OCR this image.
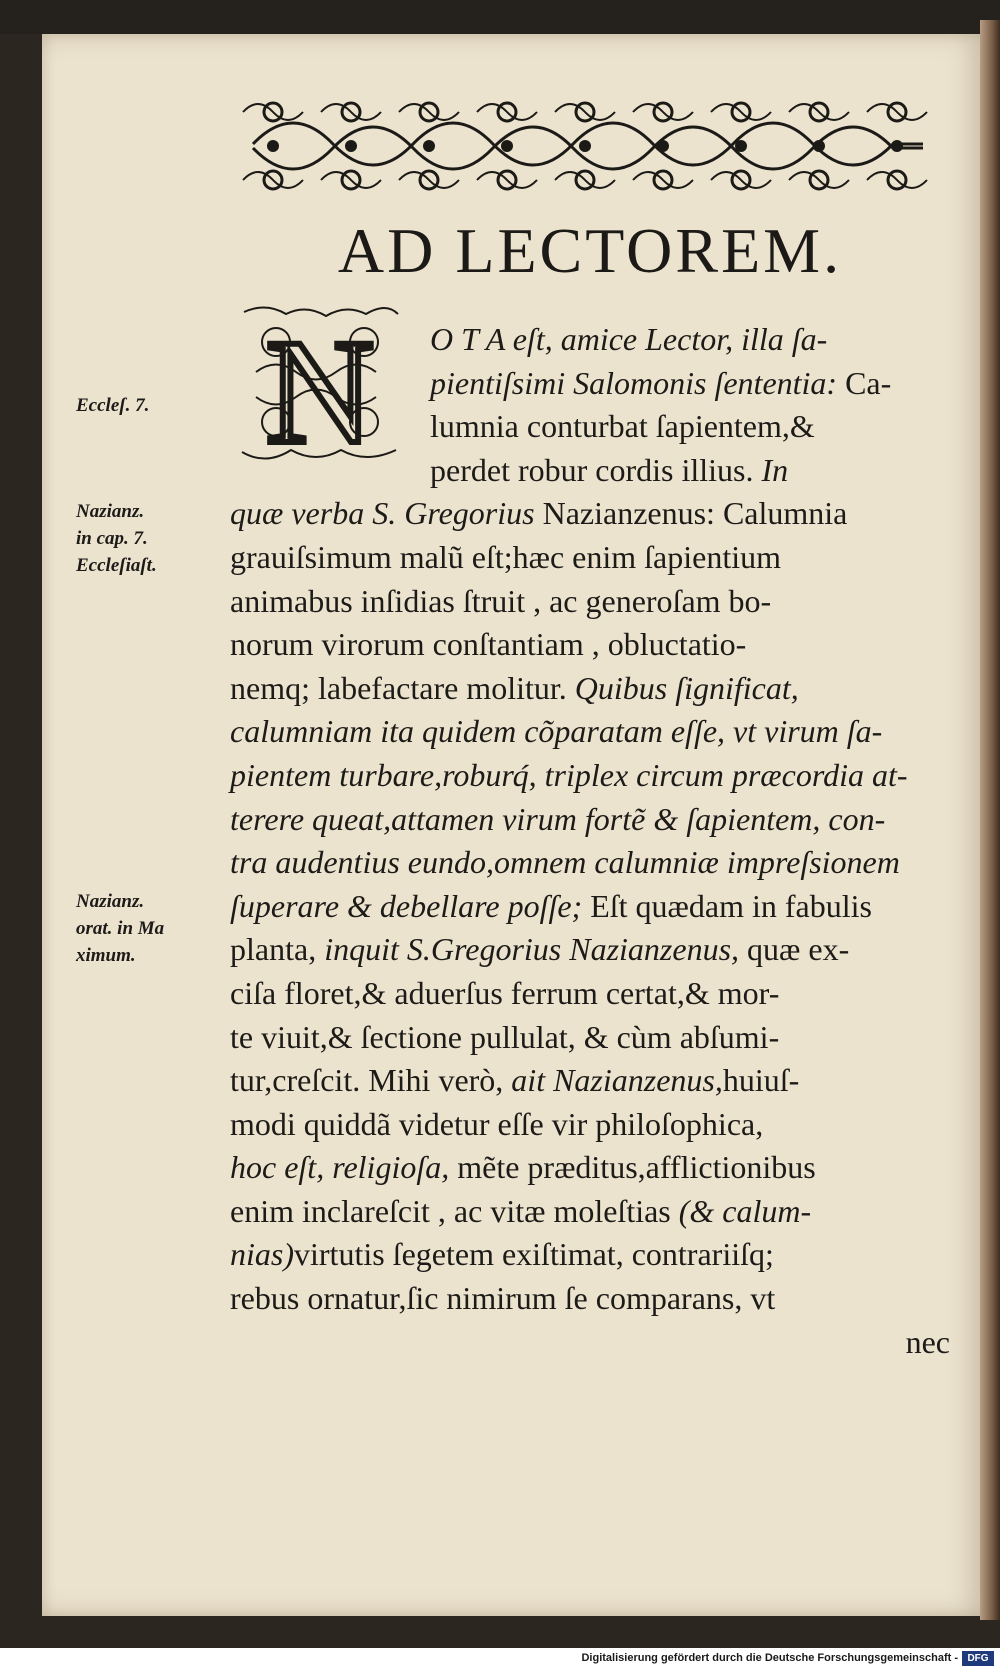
AD LECTOREM.
N	O T A eſt, amice Lector, illa ſa-
pientiſsimi Salomonis ſententia: Ca-
lumnia conturbat ſapientem,&
perdet robur cordis illius. In
quæ verba S. Gregorius Nazianzenus: Calumnia
grauiſsimum malũ eſt;hæc enim ſapientium
animabus inſidias ſtruit , ac generoſam bo-
norum virorum conſtantiam , obluctatio-
nemq; labefactare molitur. Quibus ſignificat,
calumniam ita quidem cõparatam eſſe, vt virum ſa-
pientem turbare,roburq́, triplex circum præcordia at-
terere queat,attamen virum fortẽ & ſapientem, con-
tra audentius eundo,omnem calumniæ impreſsionem
ſuperare & debellare poſſe; Eſt quædam in fabulis
planta, inquit S.Gregorius Nazianzenus, quæ ex-
ciſa floret,& aduerſus ferrum certat,& mor-
te viuit,& ſectione pullulat, & cùm abſumi-
tur,creſcit. Mihi verò, ait Nazianzenus,huiuſ-
modi quiddã videtur eſſe vir philoſophica,
hoc eſt, religioſa, mẽte præditus,afflictionibus
enim inclareſcit , ac vitæ moleſtias (& calum-
nias)virtutis ſegetem exiſtimat, contrariiſq;
rebus ornatur,ſic nimirum ſe comparans, vt
nec
Eccleſ. 7.
Nazianz.
in cap. 7.
Eccleſiaſt.
Nazianz.
orat. in Ma
ximum.
Digitalisierung gefördert durch die Deutsche Forschungsgemeinschaft - DFG
